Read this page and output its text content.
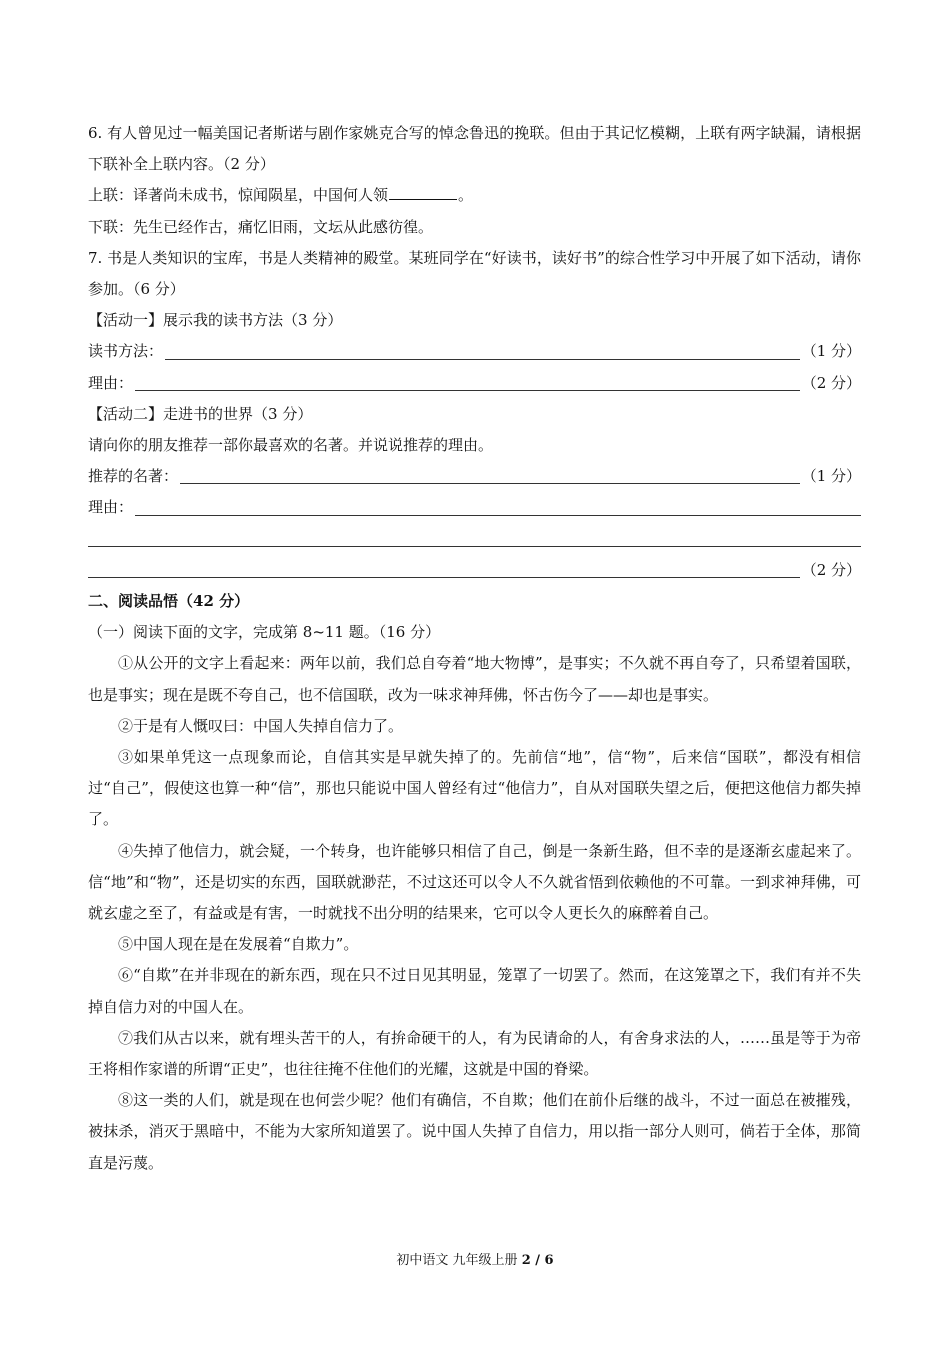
6. 有人曾见过一幅美国记者斯诺与剧作家姚克合写的悼念鲁迅的挽联。但由于其记忆模糊，上联有两字缺漏，请根据下联补全上联内容。（2 分）

上联：译著尚未成书，惊闻陨星，中国何人领	。

下联：先生已经作古，痛忆旧雨，文坛从此感彷徨。

7. 书是人类知识的宝库，书是人类精神的殿堂。某班同学在“好读书，读好书”的综合性学习中开展了如下活动，请你参加。（6 分）

【活动一】展示我的读书方法（3 分）

读书方法：	（1 分）
理由：	（2 分）

【活动二】走进书的世界（3 分）

请向你的朋友推荐一部你最喜欢的名著。并说说推荐的理由。

推荐的名著：	（1 分）
理由：
（2 分）

二、阅读品悟（42 分）

（一）阅读下面的文字，完成第 8~11 题。（16 分）

①从公开的文字上看起来：两年以前，我们总自夸着“地大物博”，是事实；不久就不再自夸了，只希望着国联，也是事实；现在是既不夸自己，也不信国联，改为一味求神拜佛，怀古伤今了——却也是事实。

②于是有人慨叹曰：中国人失掉自信力了。

③如果单凭这一点现象而论，自信其实是早就失掉了的。先前信“地”，信“物”，后来信“国联”，都没有相信过“自己”，假使这也算一种“信”，那也只能说中国人曾经有过“他信力”，自从对国联失望之后，便把这他信力都失掉了。

④失掉了他信力，就会疑，一个转身，也许能够只相信了自己，倒是一条新生路，但不幸的是逐渐玄虚起来了。信“地”和“物”，还是切实的东西，国联就渺茫，不过这还可以令人不久就省悟到依赖他的不可靠。一到求神拜佛，可就玄虚之至了，有益或是有害，一时就找不出分明的结果来，它可以令人更长久的麻醉着自己。

⑤中国人现在是在发展着“自欺力”。

⑥“自欺”在并非现在的新东西，现在只不过日见其明显，笼罩了一切罢了。然而，在这笼罩之下，我们有并不失掉自信力对的中国人在。

⑦我们从古以来，就有埋头苦干的人，有拚命硬干的人，有为民请命的人，有舍身求法的人，……虽是等于为帝王将相作家谱的所谓“正史”，也往往掩不住他们的光耀，这就是中国的脊梁。

⑧这一类的人们，就是现在也何尝少呢？他们有确信，不自欺；他们在前仆后继的战斗，不过一面总在被摧残，被抹杀，消灭于黑暗中，不能为大家所知道罢了。说中国人失掉了自信力，用以指一部分人则可，倘若于全体，那简直是污蔑。

初中语文 九年级上册 2 / 6
